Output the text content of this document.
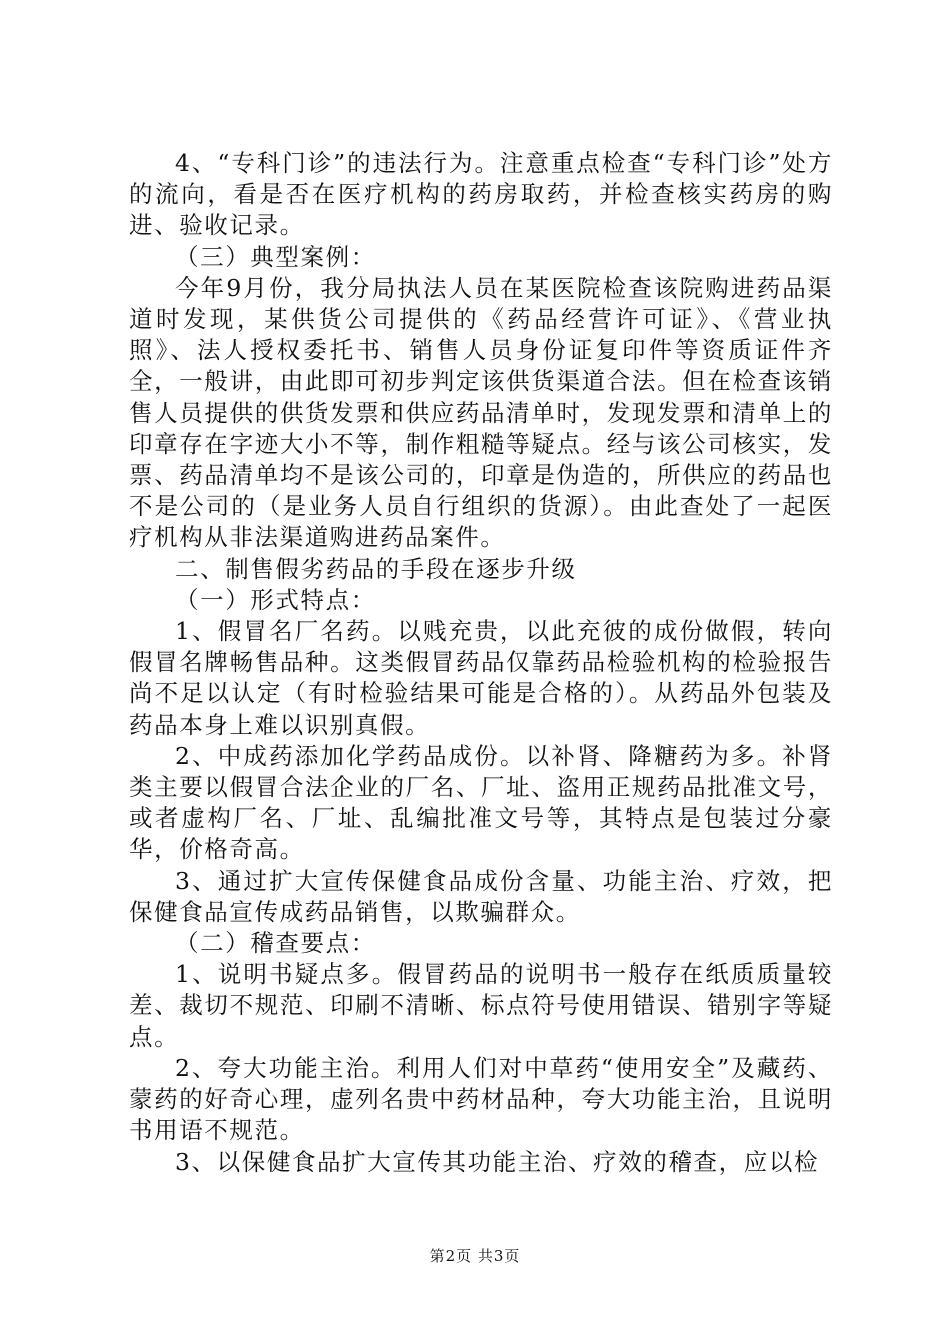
4、“专科门诊”的违法行为。注意重点检查“专科门诊”处方的流向，看是否在医疗机构的药房取药，并检查核实药房的购进、验收记录。

（三）典型案例：

今年9月份，我分局执法人员在某医院检查该院购进药品渠道时发现，某供货公司提供的《药品经营许可证》、《营业执照》、法人授权委托书、销售人员身份证复印件等资质证件齐全，一般讲，由此即可初步判定该供货渠道合法。但在检查该销售人员提供的供货发票和供应药品清单时，发现发票和清单上的印章存在字迹大小不等，制作粗糙等疑点。经与该公司核实，发票、药品清单均不是该公司的，印章是伪造的，所供应的药品也不是公司的（是业务人员自行组织的货源）。由此查处了一起医疗机构从非法渠道购进药品案件。

二、制售假劣药品的手段在逐步升级

（一）形式特点：

1、假冒名厂名药。以贱充贵，以此充彼的成份做假，转向假冒名牌畅售品种。这类假冒药品仅靠药品检验机构的检验报告尚不足以认定（有时检验结果可能是合格的）。从药品外包装及药品本身上难以识别真假。

2、中成药添加化学药品成份。以补肾、降糖药为多。补肾类主要以假冒合法企业的厂名、厂址、盗用正规药品批准文号，或者虚构厂名、厂址、乱编批准文号等，其特点是包装过分豪华，价格奇高。

3、通过扩大宣传保健食品成份含量、功能主治、疗效，把保健食品宣传成药品销售，以欺骗群众。

（二）稽查要点：

1、说明书疑点多。假冒药品的说明书一般存在纸质质量较差、裁切不规范、印刷不清晰、标点符号使用错误、错别字等疑点。

2、夸大功能主治。利用人们对中草药“使用安全”及藏药、蒙药的好奇心理，虚列名贵中药材品种，夸大功能主治，且说明书用语不规范。

3、以保健食品扩大宣传其功能主治、疗效的稽查，应以检

第2页 共3页
